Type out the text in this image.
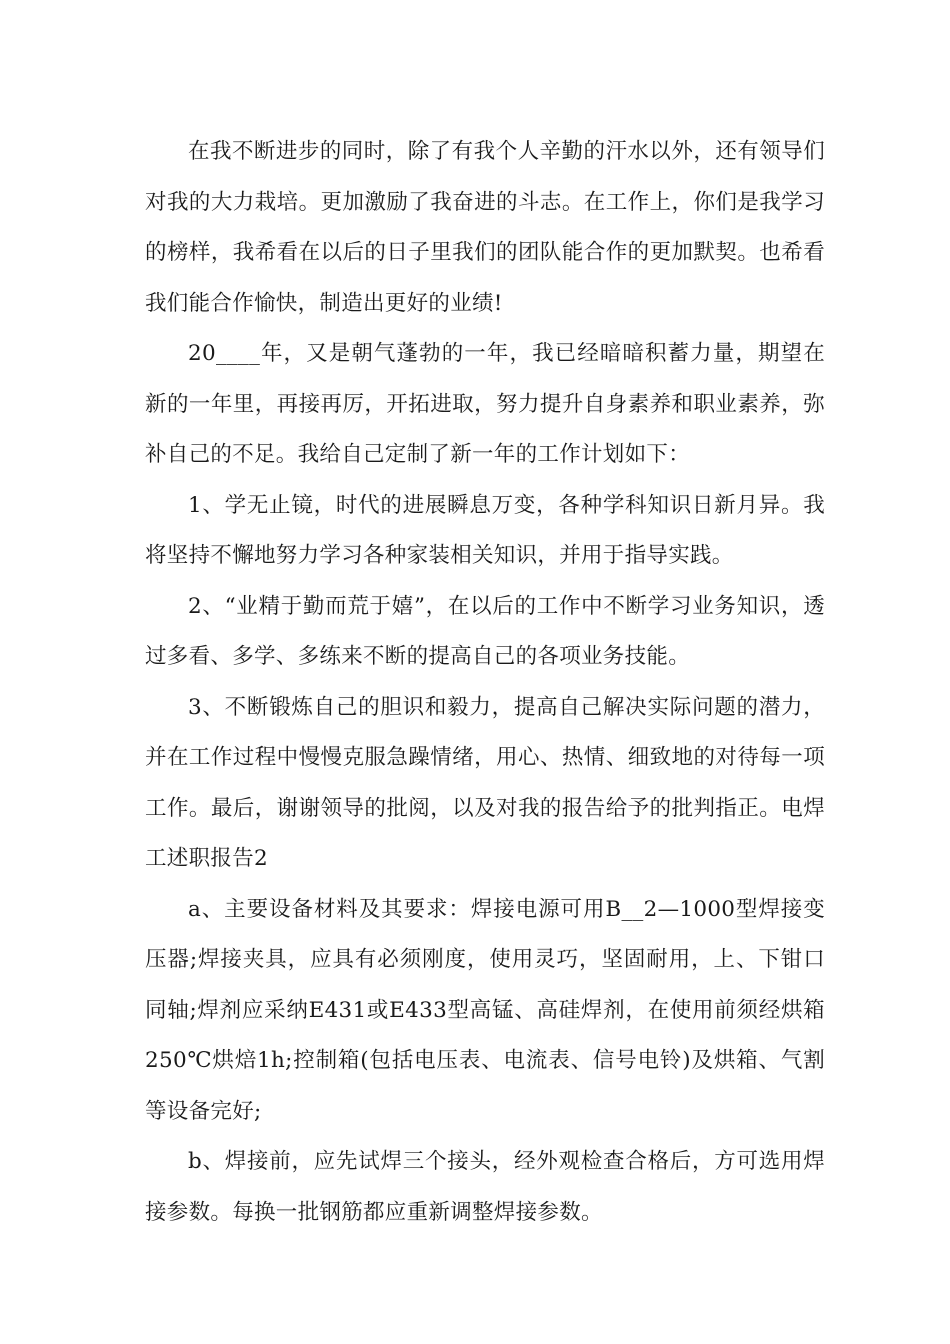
在我不断进步的同时，除了有我个人辛勤的汗水以外，还有领导们对我的大力栽培。更加激励了我奋进的斗志。在工作上，你们是我学习的榜样，我希看在以后的日子里我们的团队能合作的更加默契。也希看我们能合作愉快，制造出更好的业绩!

20____年，又是朝气蓬勃的一年，我已经暗暗积蓄力量，期望在新的一年里，再接再厉，开拓进取，努力提升自身素养和职业素养，弥补自己的不足。我给自己定制了新一年的工作计划如下：

1、学无止镜，时代的进展瞬息万变，各种学科知识日新月异。我将坚持不懈地努力学习各种家装相关知识，并用于指导实践。

2、“业精于勤而荒于嬉”，在以后的工作中不断学习业务知识，透过多看、多学、多练来不断的提高自己的各项业务技能。

3、不断锻炼自己的胆识和毅力，提高自己解决实际问题的潜力，并在工作过程中慢慢克服急躁情绪，用心、热情、细致地的对待每一项工作。最后，谢谢领导的批阅，以及对我的报告给予的批判指正。电焊工述职报告2

a、主要设备材料及其要求：焊接电源可用B__2—1000型焊接变压器;焊接夹具，应具有必须刚度，使用灵巧，坚固耐用，上、下钳口同轴;焊剂应采纳E431或E433型高锰、高硅焊剂，在使用前须经烘箱250℃烘焙1h;控制箱(包括电压表、电流表、信号电铃)及烘箱、气割等设备完好;

b、焊接前，应先试焊三个接头，经外观检查合格后，方可选用焊接参数。每换一批钢筋都应重新调整焊接参数。
